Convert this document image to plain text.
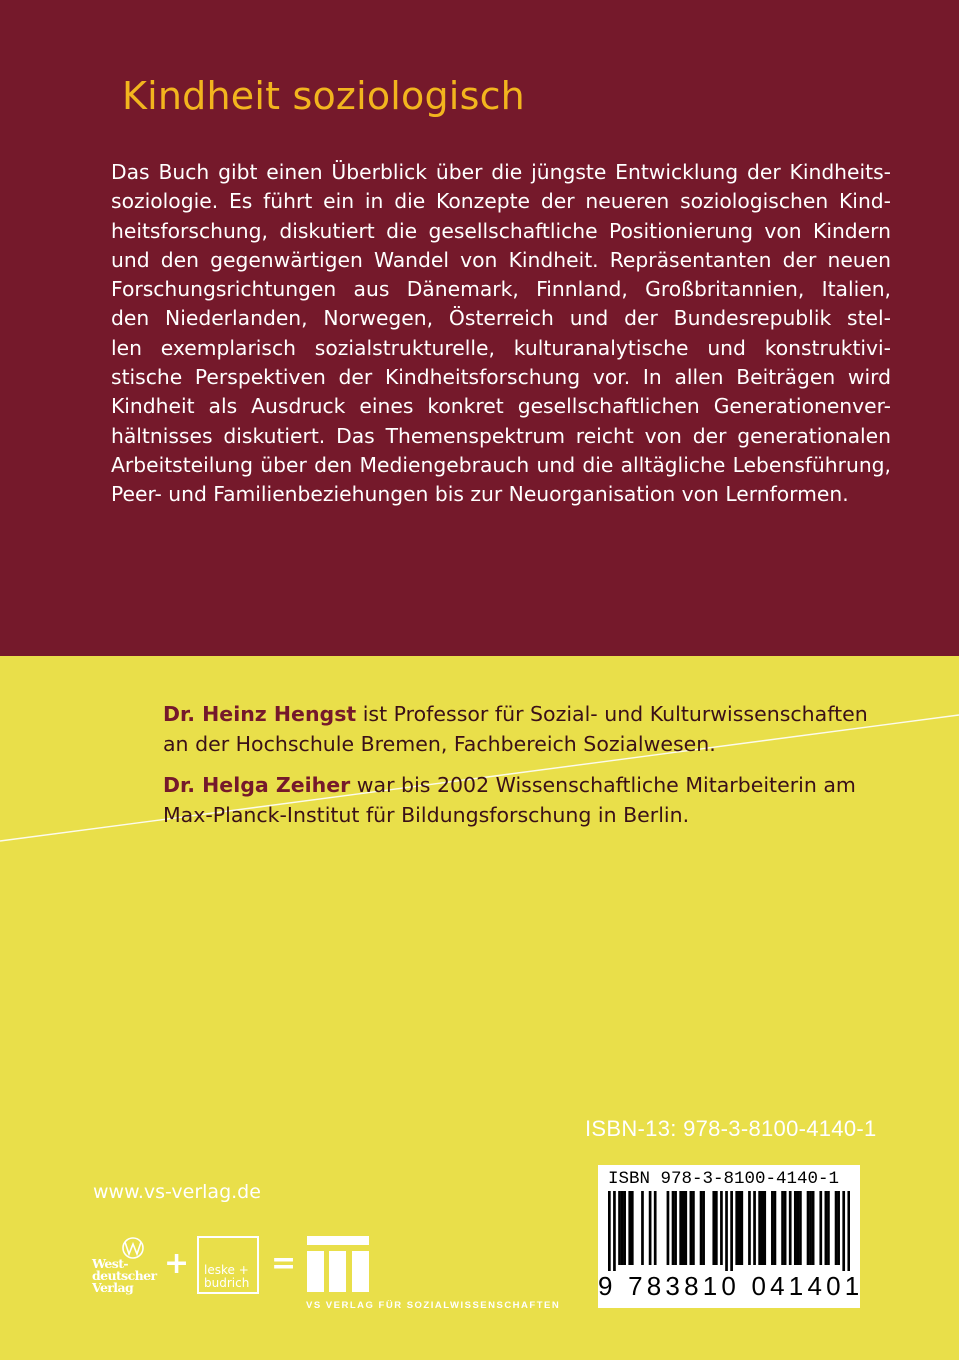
Kindheit soziologisch

Das Buch gibt einen Überblick über die jüngste Entwicklung der Kindheits-
soziologie. Es führt ein in die Konzepte der neueren soziologischen Kind-
heitsforschung, diskutiert die gesellschaftliche Positionierung von Kindern
und den gegenwärtigen Wandel von Kindheit. Repräsentanten der neuen
Forschungsrichtungen aus Dänemark, Finnland, Großbritannien, Italien,
den Niederlanden, Norwegen, Österreich und der Bundesrepublik stel-
len exemplarisch sozialstrukturelle, kulturanalytische und konstruktivi-
stische Perspektiven der Kindheitsforschung vor. In allen Beiträgen wird
Kindheit als Ausdruck eines konkret gesellschaftlichen Generationenver-
hältnisses diskutiert. Das Themenspektrum reicht von der generationalen
Arbeitsteilung über den Mediengebrauch und die alltägliche Lebensführung,
Peer- und Familienbeziehungen bis zur Neuorganisation von Lernformen.

Dr. Heinz Hengst ist Professor für Sozial- und Kulturwissenschaften
an der Hochschule Bremen, Fachbereich Sozialwesen.

Dr. Helga Zeiher war bis 2002 Wissenschaftliche Mitarbeiterin am
Max-Planck-Institut für Bildungsforschung in Berlin.

ISBN-13: 978-3-8100-4140-1
ISBN 978-3-8100-4140-1
9 783810 041401
www.vs-verlag.de
West-
deutscher
Verlag
+ leske +
budrich
=
VS VERLAG FÜR SOZIALWISSENSCHAFTEN
